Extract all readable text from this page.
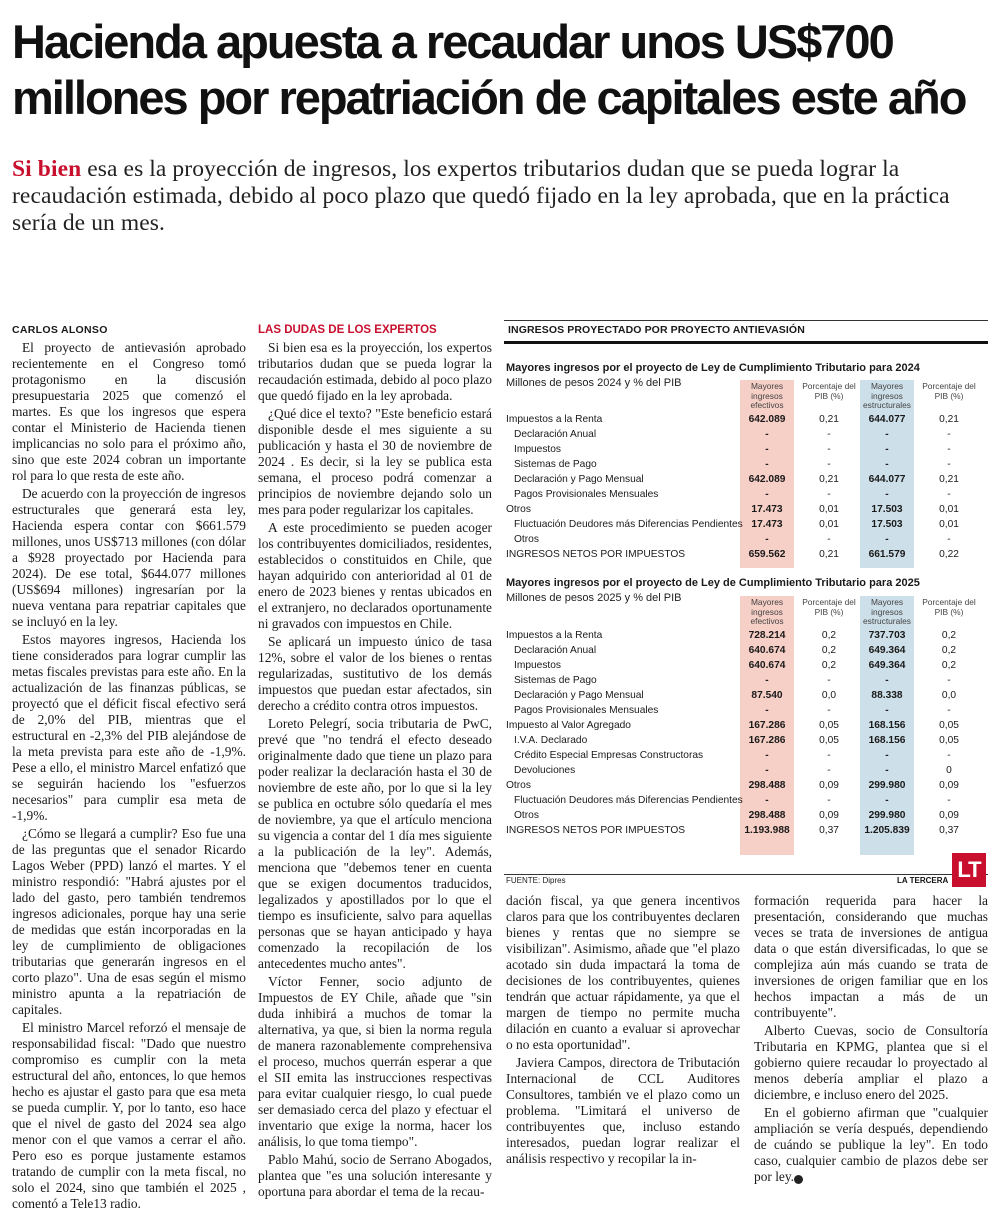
Hacienda apuesta a recaudar unos US$700 millones por repatriación de capitales este año
Si bien esa es la proyección de ingresos, los expertos tributarios dudan que se pueda lograr la recaudación estimada, debido al poco plazo que quedó fijado en la ley aprobada, que en la práctica sería de un mes.

CARLOS ALONSO

El proyecto de antievasión aprobado recientemente en el Congreso tomó protagonismo en la discusión presupuestaria 2025 que comenzó el martes. Es que los ingresos que espera contar el Ministerio de Hacienda tienen implicancias no solo para el próximo año, sino que este 2024 cobran un importante rol para lo que resta de este año.

De acuerdo con la proyección de ingresos estructurales que generará esta ley, Hacienda espera contar con $661.579 millones, unos US$713 millones (con dólar a $928 proyectado por Hacienda para 2024). De ese total, $644.077 millones (US$694 millones) ingresarían por la nueva ventana para repatriar capitales que se incluyó en la ley.

Estos mayores ingresos, Hacienda los tiene considerados para lograr cumplir las metas fiscales previstas para este año. En la actualización de las finanzas públicas, se proyectó que el déficit fiscal efectivo será de 2,0% del PIB, mientras que el estructural en -2,3% del PIB alejándose de la meta prevista para este año de -1,9%. Pese a ello, el ministro Marcel enfatizó que se seguirán haciendo los "esfuerzos necesarios" para cumplir esa meta de -1,9%.

¿Cómo se llegará a cumplir? Eso fue una de las preguntas que el senador Ricardo Lagos Weber (PPD) lanzó el martes. Y el ministro respondió: "Habrá ajustes por el lado del gasto, pero también tendremos ingresos adicionales, porque hay una serie de medidas que están incorporadas en la ley de cumplimiento de obligaciones tributarias que generarán ingresos en el corto plazo". Una de esas según el mismo ministro apunta a la repatriación de capitales.

El ministro Marcel reforzó el mensaje de responsabilidad fiscal: "Dado que nuestro compromiso es cumplir con la meta estructural del año, entonces, lo que hemos hecho es ajustar el gasto para que esa meta se pueda cumplir. Y, por lo tanto, eso hace que el nivel de gasto del 2024 sea algo menor con el que vamos a cerrar el año. Pero eso es porque justamente estamos tratando de cumplir con la meta fiscal, no solo el 2024, sino que también el 2025 , comentó a Tele13 radio.

LAS DUDAS DE LOS EXPERTOS

Si bien esa es la proyección, los expertos tributarios dudan que se pueda lograr la recaudación estimada, debido al poco plazo que quedó fijado en la ley aprobada.

¿Qué dice el texto? "Este beneficio estará disponible desde el mes siguiente a su publicación y hasta el 30 de noviembre de 2024 . Es decir, si la ley se publica esta semana, el proceso podrá comenzar a principios de noviembre dejando solo un mes para poder regularizar los capitales.

A este procedimiento se pueden acoger los contribuyentes domiciliados, residentes, establecidos o constituidos en Chile, que hayan adquirido con anterioridad al 01 de enero de 2023 bienes y rentas ubicados en el extranjero, no declarados oportunamente ni gravados con impuestos en Chile.

Se aplicará un impuesto único de tasa 12%, sobre el valor de los bienes o rentas regularizadas, sustitutivo de los demás impuestos que puedan estar afectados, sin derecho a crédito contra otros impuestos.

Loreto Pelegrí, socia tributaria de PwC, prevé que "no tendrá el efecto deseado originalmente dado que tiene un plazo para poder realizar la declaración hasta el 30 de noviembre de este año, por lo que si la ley se publica en octubre sólo quedaría el mes de noviembre, ya que el artículo menciona su vigencia a contar del 1 día mes siguiente a la publicación de la ley". Además, menciona que "debemos tener en cuenta que se exigen documentos traducidos, legalizados y apostillados por lo que el tiempo es insuficiente, salvo para aquellas personas que se hayan anticipado y haya comenzado la recopilación de los antecedentes mucho antes".

Víctor Fenner, socio adjunto de Impuestos de EY Chile, añade que "sin duda inhibirá a muchos de tomar la alternativa, ya que, si bien la norma regula de manera razonablemente comprehensiva el proceso, muchos querrán esperar a que el SII emita las instrucciones respectivas para evitar cualquier riesgo, lo cual puede ser demasiado cerca del plazo y efectuar el inventario que exige la norma, hacer los análisis, lo que toma tiempo".

Pablo Mahú, socio de Serrano Abogados, plantea que "es una solución interesante y oportuna para abordar el tema de la recau-

dación fiscal, ya que genera incentivos claros para que los contribuyentes declaren bienes y rentas que no siempre se visibilizan". Asimismo, añade que "el plazo acotado sin duda impactará la toma de decisiones de los contribuyentes, quienes tendrán que actuar rápidamente, ya que el margen de tiempo no permite mucha dilación en cuanto a evaluar si aprovechar o no esta oportunidad".

Javiera Campos, directora de Tributación Internacional de CCL Auditores Consultores, también ve el plazo como un problema. "Limitará el universo de contribuyentes que, incluso estando interesados, puedan lograr realizar el análisis respectivo y recopilar la in-

formación requerida para hacer la presentación, considerando que muchas veces se trata de inversiones de antigua data o que están diversificadas, lo que se complejiza aún más cuando se trata de inversiones de origen familiar que en los hechos impactan a más de un contribuyente".

Alberto Cuevas, socio de Consultoría Tributaria en KPMG, plantea que si el gobierno quiere recaudar lo proyectado al menos debería ampliar el plazo a diciembre, e incluso enero del 2025.

En el gobierno afirman que "cualquier ampliación se vería después, dependiendo de cuándo se publique la ley". En todo caso, cualquier cambio de plazos debe ser por ley. P

INGRESOS PROYECTADO POR PROYECTO ANTIEVASIÓN
Mayores ingresos por el proyecto de Ley de Cumplimiento Tributario para 2024
Millones de pesos 2024 y % del PIB
Mayores ingresos por el proyecto de Ley de Cumplimiento Tributario para 2025
Millones de pesos 2025 y % del PIB
FUENTE: Dipres	LA TERCERA LT
Mayores ingresos efectivos
Porcentaje del PIB (%)
Mayores ingresos estructurales
Porcentaje del PIB (%)
Impuestos a la Renta	642.089	0,21	644.077	0,21
Declaración Anual	-	-	-	-
Impuestos	-	-	-	-
Sistemas de Pago	-	-	-	-
Declaración y Pago Mensual	642.089	0,21	644.077	0,21
Pagos Provisionales Mensuales	-	-	-	-
Otros	17.473	0,01	17.503	0,01
Fluctuación Deudores más Diferencias Pendientes 17.473	0,01	17.503	0,01
Otros	-	-	-	-
INGRESOS NETOS POR IMPUESTOS	659.562	0,21	661.579	0,22
Mayores ingresos efectivos
Porcentaje del PIB (%)
Mayores ingresos estructurales
Porcentaje del PIB (%)
Impuestos a la Renta	728.214	0,2	737.703	0,2
Declaración Anual	640.674	0,2	649.364	0,2
Impuestos	640.674	0,2	649.364	0,2
Sistemas de Pago	-	-	-	-
Declaración y Pago Mensual	87.540	0,0	88.338	0,0
Pagos Provisionales Mensuales	-	-	-	-
Impuesto al Valor Agregado	167.286	0,05	168.156	0,05
I.V.A. Declarado	167.286	0,05	168.156	0,05
Crédito Especial Empresas Constructoras	-	-	-	-
Devoluciones	-	-	-	0
Otros	298.488	0,09	299.980	0,09
Fluctuación Deudores más Diferencias Pendientes	-	-	-	-
Otros	298.488	0,09	299.980	0,09
INGRESOS NETOS POR IMPUESTOS	1.193.988	0,37	1.205.839	0,37
